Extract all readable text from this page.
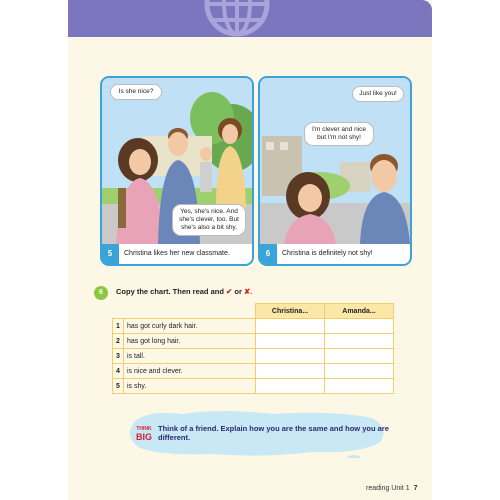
Is she nice?
Yes, she's nice. And she's clever, too. But she's also a bit shy.
5	Christina likes her new classmate.
Just like you!
I'm clever and nice but I'm not shy!
6	Christina is definitely not shy!
6	Copy the chart. Then read and ✔ or ✘.
		Christina...	Amanda...
1	has got curly dark hair.		
2	has got long hair.		
3	is tall.		
4	is nice and clever.		
5	is shy.		
THINK
BIG
Think of a friend. Explain how you are the same and how you are different.
reading Unit 1 7
